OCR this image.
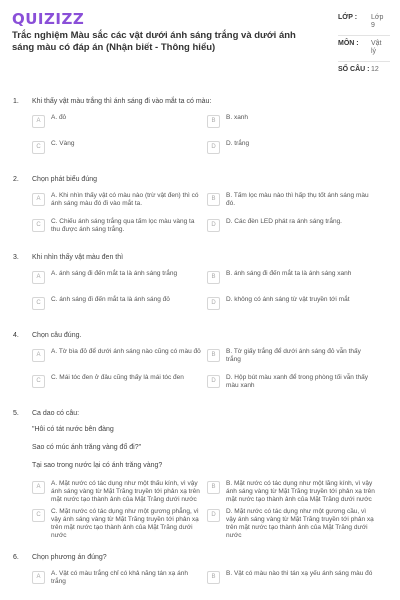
QUIZIZZ
Trắc nghiệm Màu sắc các vật dưới ánh sáng trắng và dưới ánh sáng màu có đáp án (Nhận biết - Thông hiểu)
LỚP : Lớp 9
MÔN : Vật lý
SỐ CÂU : 12
1. Khi thấy vật màu trắng thì ánh sáng đi vào mắt ta có màu:
A	A. đỏ	B	B. xanh
C	C. Vàng	D	D. trắng
2. Chọn phát biểu đúng
A	A. Khi nhìn thấy vật có màu nào (trừ vật đen) thì có ánh sáng màu đó đi vào mắt ta.
B	B. Tấm lọc màu nào thì hấp thụ tốt ánh sáng màu đó.
C	C. Chiếu ánh sáng trắng qua tấm lọc màu vàng ta thu được ánh sáng trắng.
D	D. Các đèn LED phát ra ánh sáng trắng.
3. Khi nhìn thấy vật màu đen thì
A	A. ánh sáng đi đến mắt ta là ánh sáng trắng	B	B. ánh sáng đi đến mắt ta là ánh sáng xanh
C	C. ánh sáng đi đến mắt ta là ánh sáng đỏ	D	D. không có ánh sáng từ vật truyền tới mắt
4. Chọn câu đúng.
A	A. Tờ bìa đỏ để dưới ánh sáng nào cũng có màu đỏ	B	B. Tờ giấy trắng để dưới ánh sáng đỏ vẫn thấy trắng
C	C. Mái tóc đen ở đâu cũng thấy là mái tóc đen	D	D. Hộp bút màu xanh để trong phòng tối vẫn thấy màu xanh
5. Ca dao có câu:
"Hôi có tát nước bên đàng
Sao có múc ánh trăng vàng đổ đi?"
Tại sao trong nước lại có ánh trăng vàng?
A	A. Mặt nước có tác dụng như một thấu kính, vì vậy ánh sáng vàng từ Mặt Trăng truyền tới phản xạ trên mặt nước tạo thành ảnh của Mặt Trăng dưới nước
B	B. Mặt nước có tác dụng như một lăng kính, vì vậy ánh sáng vàng từ Mặt Trăng truyền tới phản xạ trên mặt nước tạo thành ảnh của Mặt Trăng dưới nước
C	C. Mặt nước có tác dụng như một gương phẳng, vì vậy ánh sáng vàng từ Mặt Trăng truyền tới phản xạ trên mặt nước tạo thành ảnh của Mặt Trăng dưới nước
D	D. Mặt nước có tác dụng như một gương cầu, vì vậy ánh sáng vàng từ Mặt Trăng truyền tới phản xạ trên mặt nước tạo thành ảnh của Mặt Trăng dưới nước
6. Chọn phương án đúng?
A	A. Vật có màu trắng chỉ có khả năng tán xạ ánh trắng
B	B. Vật có màu nào thì tán xạ yếu ánh sáng màu đó
